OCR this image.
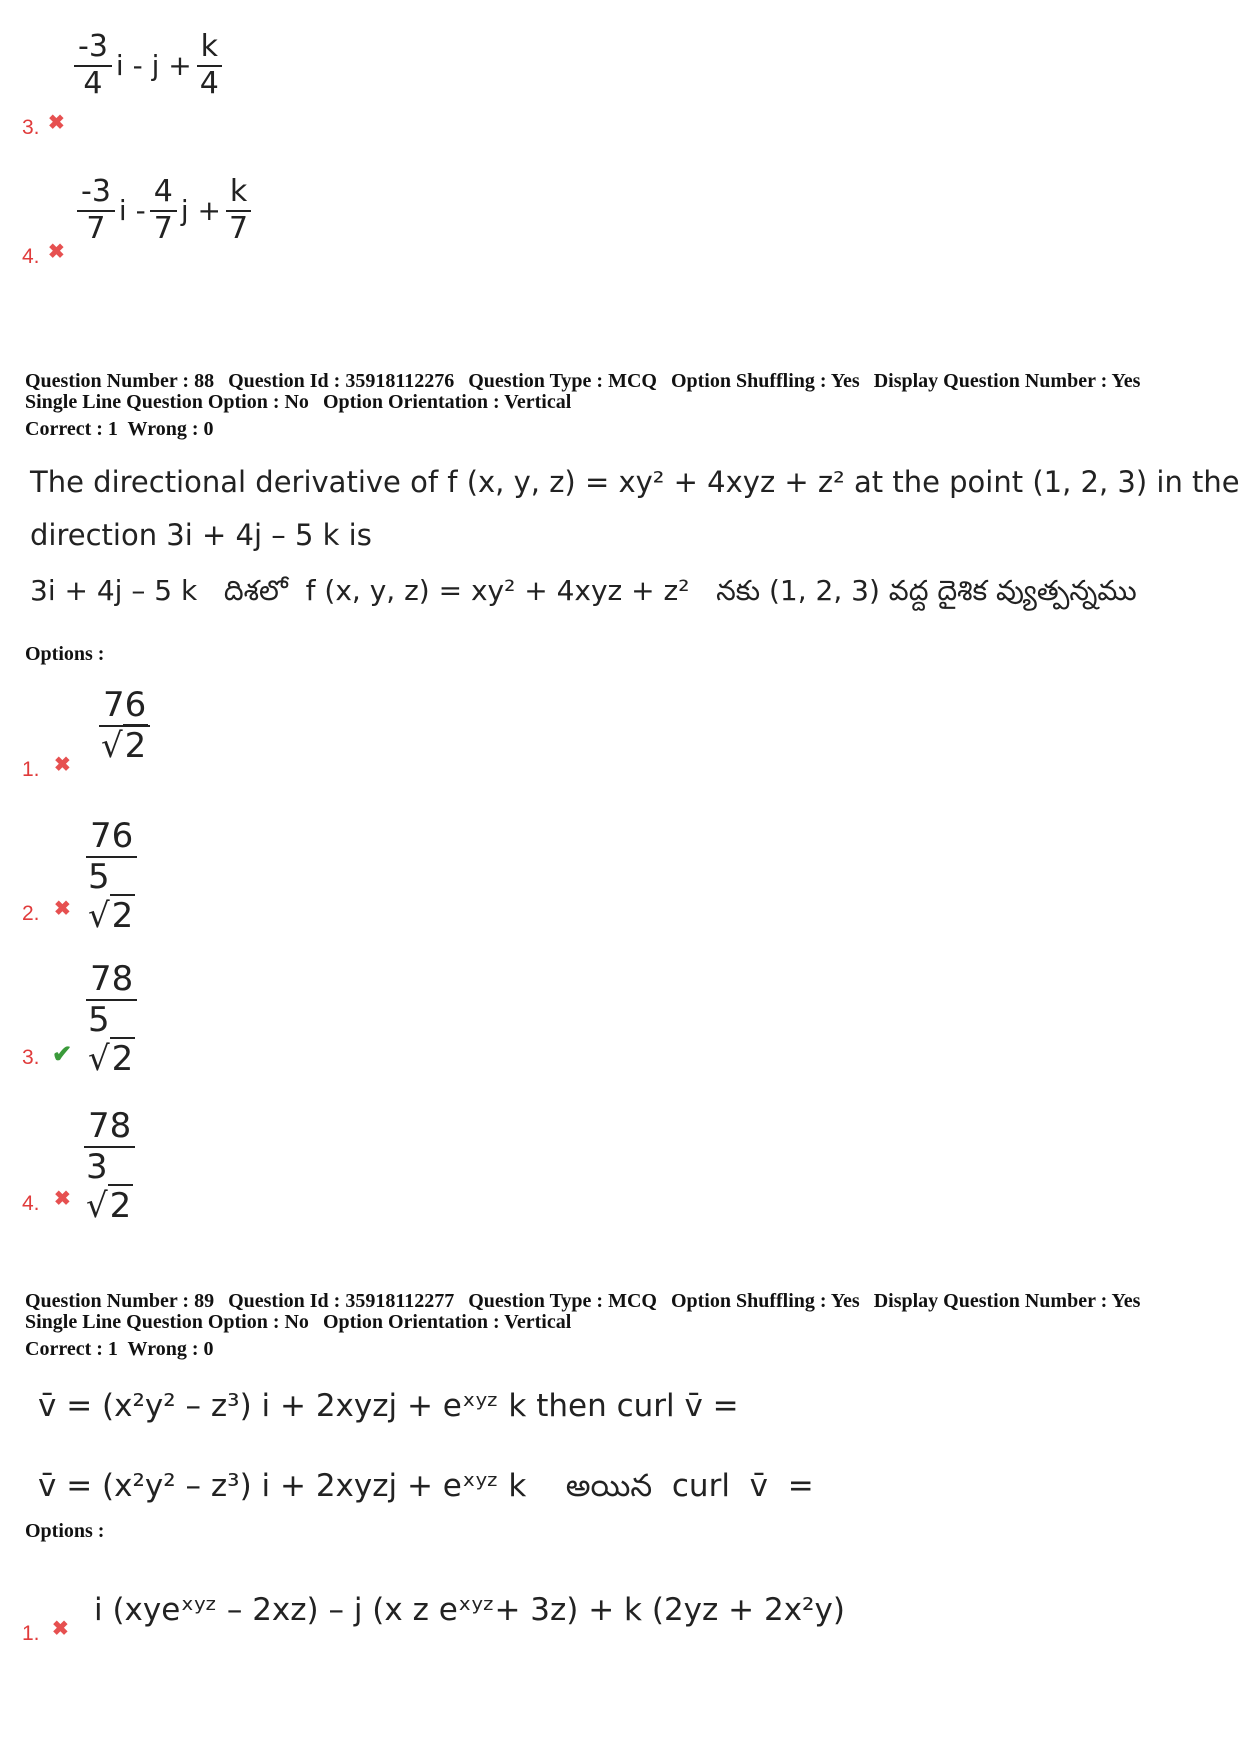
3. ✖
$\frac{-3}{4}$ $i - j + \frac{k}{4}$
4. ✖
$\frac{-3}{7}$ i - $\frac{4}{7}$ $j + \frac{k}{7}$
Question Number : 88 Question Id : 35918112276 Question Type : MCQ Option Shuffling : Yes Display Question Number : Yes
Single Line Question Option : No Option Orientation : Vertical
Correct : 1  Wrong : 0
The directional derivative of f (x, y, z) = xy² + 4xyz + z² at the point (1, 2, 3) in the
direction 3i + 4j – 5 k is
3i + 4j – 5 k   దిశలో  f (x, y, z) = xy² + 4xyz + z²   నకు (1, 2, 3) వద్ద దైశిక వ్యుత్పన్నము
Options :
1. ✖ $\frac{76}{√2}$
2. ✖ $\frac{76}{5√2}$
3. ✔ $\frac{78}{5√2}$
4. ✖ $\frac{78}{3√2}$
Question Number : 89 Question Id : 35918112277 Question Type : MCQ Option Shuffling : Yes Display Question Number : Yes
Single Line Question Option : No Option Orientation : Vertical
Correct : 1  Wrong : 0
v̄ = (x²y² – z³) i + 2xyzj + eˣʸᶻ k then curl v̄ =
v̄ = (x²y² – z³) i + 2xyzj + eˣʸᶻ k    అయిన  curl  v̄  =
Options :
1. ✖
i (xyeˣʸᶻ – 2xz) – j (x z eˣʸᶻ+ 3z) + k (2yz + 2x²y)
